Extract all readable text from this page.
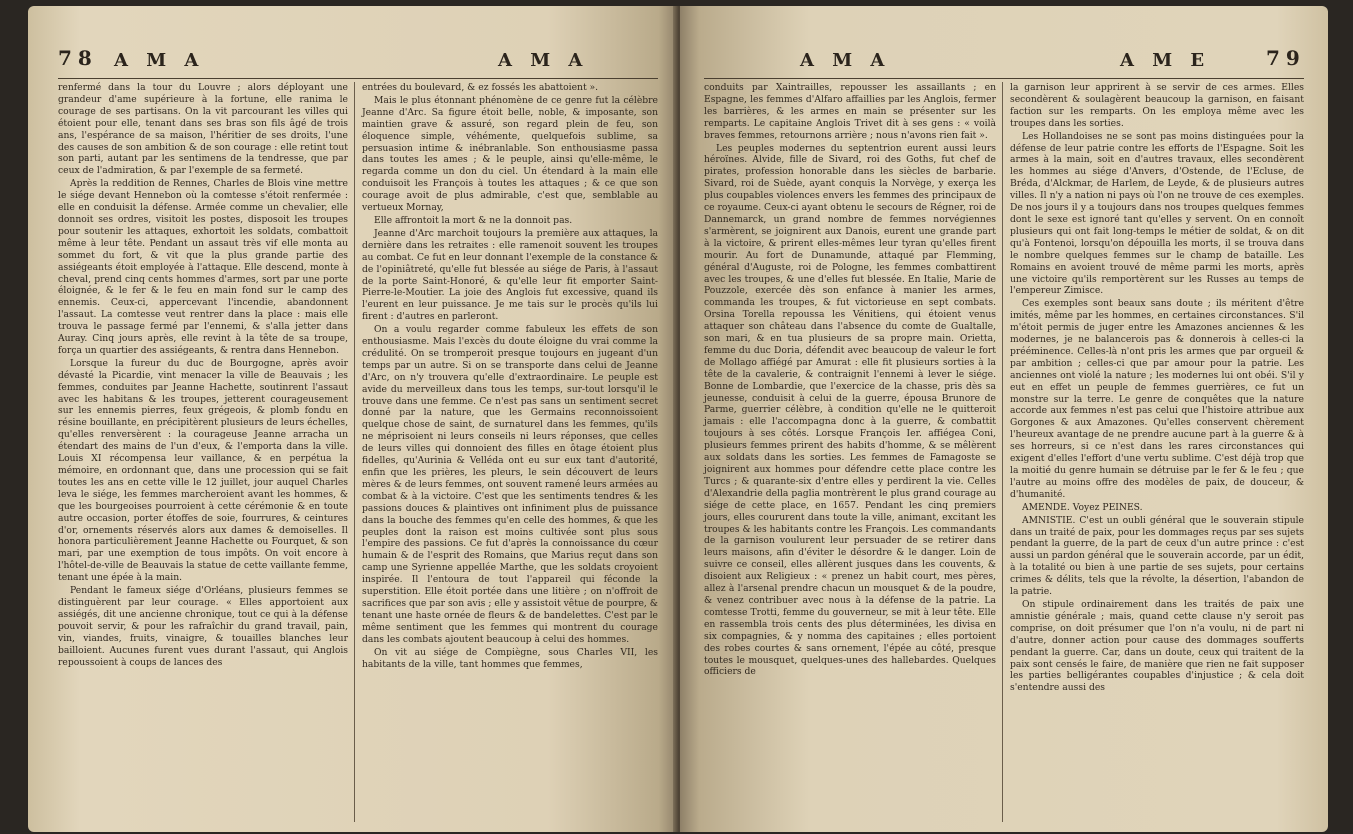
78 A M A	A M A

renfermé dans la tour du Louvre ; alors déployant une grandeur d'ame supérieure à la fortune, elle ranima le courage de ses partisans. On la vit parcourant les villes qui étoient pour elle, tenant dans ses bras son fils âgé de trois ans, l'espérance de sa maison, l'héritier de ses droits, l'une des causes de son ambition & de son courage : elle retint tout son parti, autant par les sentimens de la tendresse, que par ceux de l'admiration, & par l'exemple de sa fermeté.

Après la reddition de Rennes, Charles de Blois vine mettre le siége devant Hennebon où la comtesse s'étoit renfermée : elle en conduisit la défense. Armée comme un chevalier, elle donnoit ses ordres, visitoit les postes, disposoit les troupes pour soutenir les attaques, exhortoit les soldats, combattoit même à leur tête. Pendant un assaut très vif elle monta au sommet du fort, & vit que la plus grande partie des assiégeants étoit employée à l'attaque. Elle descend, monte à cheval, prend cinq cents hommes d'armes, sort par une porte éloignée, & le fer & le feu en main fond sur le camp des ennemis. Ceux-ci, appercevant l'incendie, abandonnent l'assaut. La comtesse veut rentrer dans la place : mais elle trouva le passage fermé par l'ennemi, & s'alla jetter dans Auray. Cinq jours après, elle revint à la tête de sa troupe, força un quartier des assiégeants, & rentra dans Hennebon.

Lorsque la fureur du duc de Bourgogne, après avoir dévasté la Picardie, vint menacer la ville de Beauvais ; les femmes, conduites par Jeanne Hachette, soutinrent l'assaut avec les habitans & les troupes, jetterent courageusement sur les ennemis pierres, feux grégeois, & plomb fondu en résine bouillante, en précipitèrent plusieurs de leurs échelles, qu'elles renversèrent : la courageuse Jeanne arracha un étendart des mains de l'un d'eux, & l'emporta dans la ville. Louis XI récompensa leur vaillance, & en perpétua la mémoire, en ordonnant que, dans une procession qui se fait toutes les ans en cette ville le 12 juillet, jour auquel Charles leva le siége, les femmes marcheroient avant les hommes, & que les bourgeoises pourroient à cette cérémonie & en toute autre occasion, porter étoffes de soie, fourrures, & ceintures d'or, ornements réservés alors aux dames & demoiselles. Il honora particulièrement Jeanne Hachette ou Fourquet, & son mari, par une exemption de tous impôts. On voit encore à l'hôtel-de-ville de Beauvais la statue de cette vaillante femme, tenant une épée à la main.

Pendant le fameux siége d'Orléans, plusieurs femmes se distinguèrent par leur courage. « Elles apportoient aux assiégés, dit une ancienne chronique, tout ce qui à la défense pouvoit servir, & pour les rafraîchir du grand travail, pain, vin, viandes, fruits, vinaigre, & touailles blanches leur bailloient. Aucunes furent vues durant l'assaut, qui Anglois repoussoient à coups de lances des

entrées du boulevard, & ez fossés les abattoient ».

Mais le plus étonnant phénomène de ce genre fut la célèbre Jeanne d'Arc. Sa figure étoit belle, noble, & imposante, son maintien grave & assuré, son regard plein de feu, son éloquence simple, véhémente, quelquefois sublime, sa persuasion intime & inébranlable. Son enthousiasme passa dans toutes les ames ; & le peuple, ainsi qu'elle-même, le regarda comme un don du ciel. Un étendard à la main elle conduisoit les François à toutes les attaques ; & ce que son courage avoit de plus admirable, c'est que, semblable au vertueux Mornay,

Elle affrontoit la mort & ne la donnoit pas.

Jeanne d'Arc marchoit toujours la première aux attaques, la dernière dans les retraites : elle ramenoit souvent les troupes au combat. Ce fut en leur donnant l'exemple de la constance & de l'opiniâtreté, qu'elle fut blessée au siége de Paris, à l'assaut de la porte Saint-Honoré, & qu'elle leur fit emporter Saint-Pierre-le-Moutier. La joie des Anglois fut excessive, quand ils l'eurent en leur puissance. Je me tais sur le procès qu'ils lui firent : d'autres en parleront.

On a voulu regarder comme fabuleux les effets de son enthousiasme. Mais l'excès du doute éloigne du vrai comme la crédulité. On se tromperoit presque toujours en jugeant d'un temps par un autre. Si on se transporte dans celui de Jeanne d'Arc, on n'y trouvera qu'elle d'extraordinaire. Le peuple est avide du merveilleux dans tous les temps, sur-tout lorsqu'il le trouve dans une femme. Ce n'est pas sans un sentiment secret donné par la nature, que les Germains reconnoissoient quelque chose de saint, de surnaturel dans les femmes, qu'ils ne méprisoient ni leurs conseils ni leurs réponses, que celles de leurs villes qui donnoient des filles en ôtage étoient plus fidelles, qu'Aurinia & Velléda ont eu sur eux tant d'autorité, enfin que les prières, les pleurs, le sein découvert de leurs mères & de leurs femmes, ont souvent ramené leurs armées au combat & à la victoire. C'est que les sentiments tendres & les passions douces & plaintives ont infiniment plus de puissance dans la bouche des femmes qu'en celle des hommes, & que les peuples dont la raison est moins cultivée sont plus sous l'empire des passions. Ce fut d'après la connoissance du cœur humain & de l'esprit des Romains, que Marius reçut dans son camp une Syrienne appellée Marthe, que les soldats croyoient inspirée. Il l'entoura de tout l'appareil qui féconde la superstition. Elle étoit portée dans une litière ; on n'offroit de sacrifices que par son avis ; elle y assistoit vêtue de pourpre, & tenant une haste ornée de fleurs & de bandelettes. C'est par le même sentiment que les femmes qui montrent du courage dans les combats ajoutent beaucoup à celui des hommes.

On vit au siége de Compiègne, sous Charles VII, les habitants de la ville, tant hommes que femmes,

A M A	A M E	79

conduits par Xaintrailles, repousser les assaillants ; en Espagne, les femmes d'Alfaro affaillies par les Anglois, fermer les barrières, & les armes en main se présenter sur les remparts. Le capitaine Anglois Trivet dit à ses gens : « voilà braves femmes, retournons arrière ; nous n'avons rien fait ».

Les peuples modernes du septentrion eurent aussi leurs héroïnes. Alvide, fille de Sivard, roi des Goths, fut chef de pirates, profession honorable dans les siècles de barbarie. Sivard, roi de Suède, ayant conquis la Norvège, y exerça les plus coupables violences envers les femmes des principaux de ce royaume. Ceux-ci ayant obtenu le secours de Régner, roi de Dannemarck, un grand nombre de femmes norvégiennes s'armèrent, se joignirent aux Danois, eurent une grande part à la victoire, & prirent elles-mêmes leur tyran qu'elles firent mourir. Au fort de Dunamunde, attaqué par Flemming, général d'Auguste, roi de Pologne, les femmes combattirent avec les troupes, & une d'elles fut blessée. En Italie, Marie de Pouzzole, exercée dès son enfance à manier les armes, commanda les troupes, & fut victorieuse en sept combats. Orsina Torella repoussa les Vénitiens, qui étoient venus attaquer son château dans l'absence du comte de Gualtalle, son mari, & en tua plusieurs de sa propre main. Orietta, femme du duc Doria, défendit avec beaucoup de valeur le fort de Mollago affiégé par Amurat : elle fit plusieurs sorties à la tête de la cavalerie, & contraignit l'ennemi à lever le siége. Bonne de Lombardie, que l'exercice de la chasse, pris dès sa jeunesse, conduisit à celui de la guerre, épousa Brunore de Parme, guerrier célèbre, à condition qu'elle ne le quitteroit jamais : elle l'accompagna donc à la guerre, & combattit toujours à ses côtés. Lorsque François Ier. affiégea Coni, plusieurs femmes prirent des habits d'homme, & se mêlèrent aux soldats dans les sorties. Les femmes de Famagoste se joignirent aux hommes pour défendre cette place contre les Turcs ; & quarante-six d'entre elles y perdirent la vie. Celles d'Alexandrie della paglia montrèrent le plus grand courage au siége de cette place, en 1657. Pendant les cinq premiers jours, elles coururent dans toute la ville, animant, excitant les troupes & les habitants contre les François. Les commandants de la garnison voulurent leur persuader de se retirer dans leurs maisons, afin d'éviter le désordre & le danger. Loin de suivre ce conseil, elles allèrent jusques dans les couvents, & disoient aux Religieux : « prenez un habit court, mes pères, allez à l'arsenal prendre chacun un mousquet & de la poudre, & venez contribuer avec nous à la défense de la patrie. La comtesse Trotti, femme du gouverneur, se mit à leur tête. Elle en rassembla trois cents des plus déterminées, les divisa en six compagnies, & y nomma des capitaines ; elles portoient des robes courtes & sans ornement, l'épée au côté, presque toutes le mousquet, quelques-unes des hallebardes. Quelques officiers de

la garnison leur apprirent à se servir de ces armes. Elles secondèrent & soulagèrent beaucoup la garnison, en faisant faction sur les remparts. On les employa même avec les troupes dans les sorties.

Les Hollandoises ne se sont pas moins distinguées pour la défense de leur patrie contre les efforts de l'Espagne. Soit les armes à la main, soit en d'autres travaux, elles secondèrent les hommes au siége d'Anvers, d'Ostende, de l'Ecluse, de Bréda, d'Alckmar, de Harlem, de Leyde, & de plusieurs autres villes. Il n'y a nation ni pays où l'on ne trouve de ces exemples. De nos jours il y a toujours dans nos troupes quelques femmes dont le sexe est ignoré tant qu'elles y servent. On en connoît plusieurs qui ont fait long-temps le métier de soldat, & on dit qu'à Fontenoi, lorsqu'on dépouilla les morts, il se trouva dans le nombre quelques femmes sur le champ de bataille. Les Romains en avoient trouvé de même parmi les morts, après une victoire qu'ils remportèrent sur les Russes au temps de l'empereur Zimisce.

Ces exemples sont beaux sans doute ; ils méritent d'être imités, même par les hommes, en certaines circonstances. S'il m'étoit permis de juger entre les Amazones anciennes & les modernes, je ne balancerois pas & donnerois à celles-ci la prééminence. Celles-là n'ont pris les armes que par orgueil & par ambition ; celles-ci que par amour pour la patrie. Les anciennes ont violé la nature ; les modernes lui ont obéi. S'il y eut en effet un peuple de femmes guerrières, ce fut un monstre sur la terre. Le genre de conquêtes que la nature accorde aux femmes n'est pas celui que l'histoire attribue aux Gorgones & aux Amazones. Qu'elles conservent chèrement l'heureux avantage de ne prendre aucune part à la guerre & à ses horreurs, si ce n'est dans les rares circonstances qui exigent d'elles l'effort d'une vertu sublime. C'est déjà trop que la moitié du genre humain se détruise par le fer & le feu ; que l'autre au moins offre des modèles de paix, de douceur, & d'humanité.

AMENDE. Voyez PEINES.

AMNISTIE. C'est un oubli général que le souverain stipule dans un traité de paix, pour les dommages reçus par ses sujets pendant la guerre, de la part de ceux d'un autre prince : c'est aussi un pardon général que le souverain accorde, par un édit, à la totalité ou bien à une partie de ses sujets, pour certains crimes & délits, tels que la révolte, la désertion, l'abandon de la patrie.

On stipule ordinairement dans les traités de paix une amnistie générale ; mais, quand cette clause n'y seroit pas comprise, on doit présumer que l'on n'a voulu, ni de part ni d'autre, donner action pour cause des dommages soufferts pendant la guerre. Car, dans un doute, ceux qui traitent de la paix sont censés le faire, de manière que rien ne fait supposer les parties belligérantes coupables d'injustice ; & cela doit s'entendre aussi des
